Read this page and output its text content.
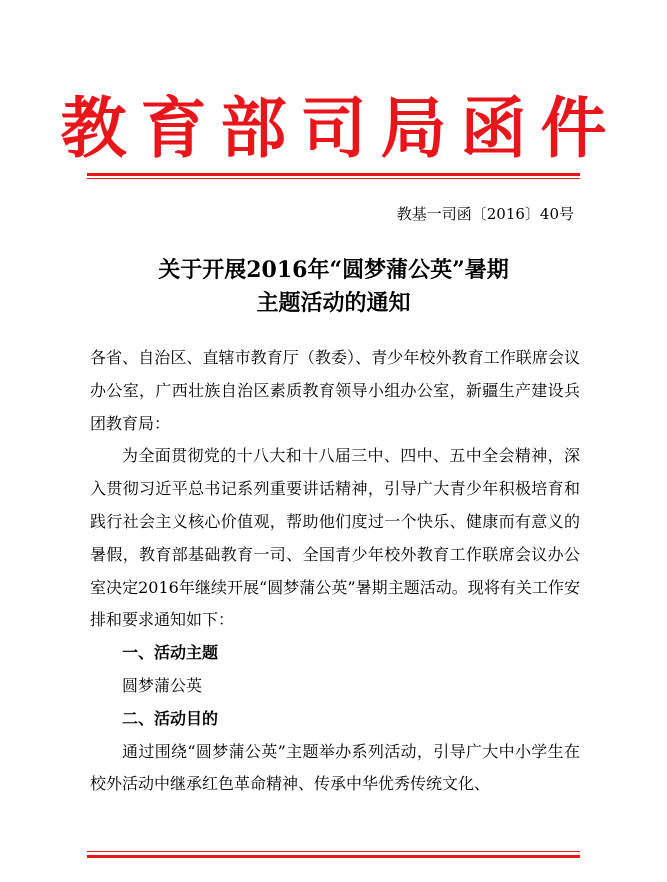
教育部司局函件
教基一司函〔2016〕40号
关于开展2016年“圆梦蒲公英”暑期
主题活动的通知

各省、自治区、直辖市教育厅（教委）、青少年校外教育工作联席会议办公室，广西壮族自治区素质教育领导小组办公室，新疆生产建设兵团教育局：

为全面贯彻党的十八大和十八届三中、四中、五中全会精神，深入贯彻习近平总书记系列重要讲话精神，引导广大青少年积极培育和践行社会主义核心价值观，帮助他们度过一个快乐、健康而有意义的暑假，教育部基础教育一司、全国青少年校外教育工作联席会议办公室决定2016年继续开展“圆梦蒲公英”暑期主题活动。现将有关工作安排和要求通知如下：

一、活动主题

圆梦蒲公英

二、活动目的

通过围绕“圆梦蒲公英”主题举办系列活动，引导广大中小学生在校外活动中继承红色革命精神、传承中华优秀传统文化、
